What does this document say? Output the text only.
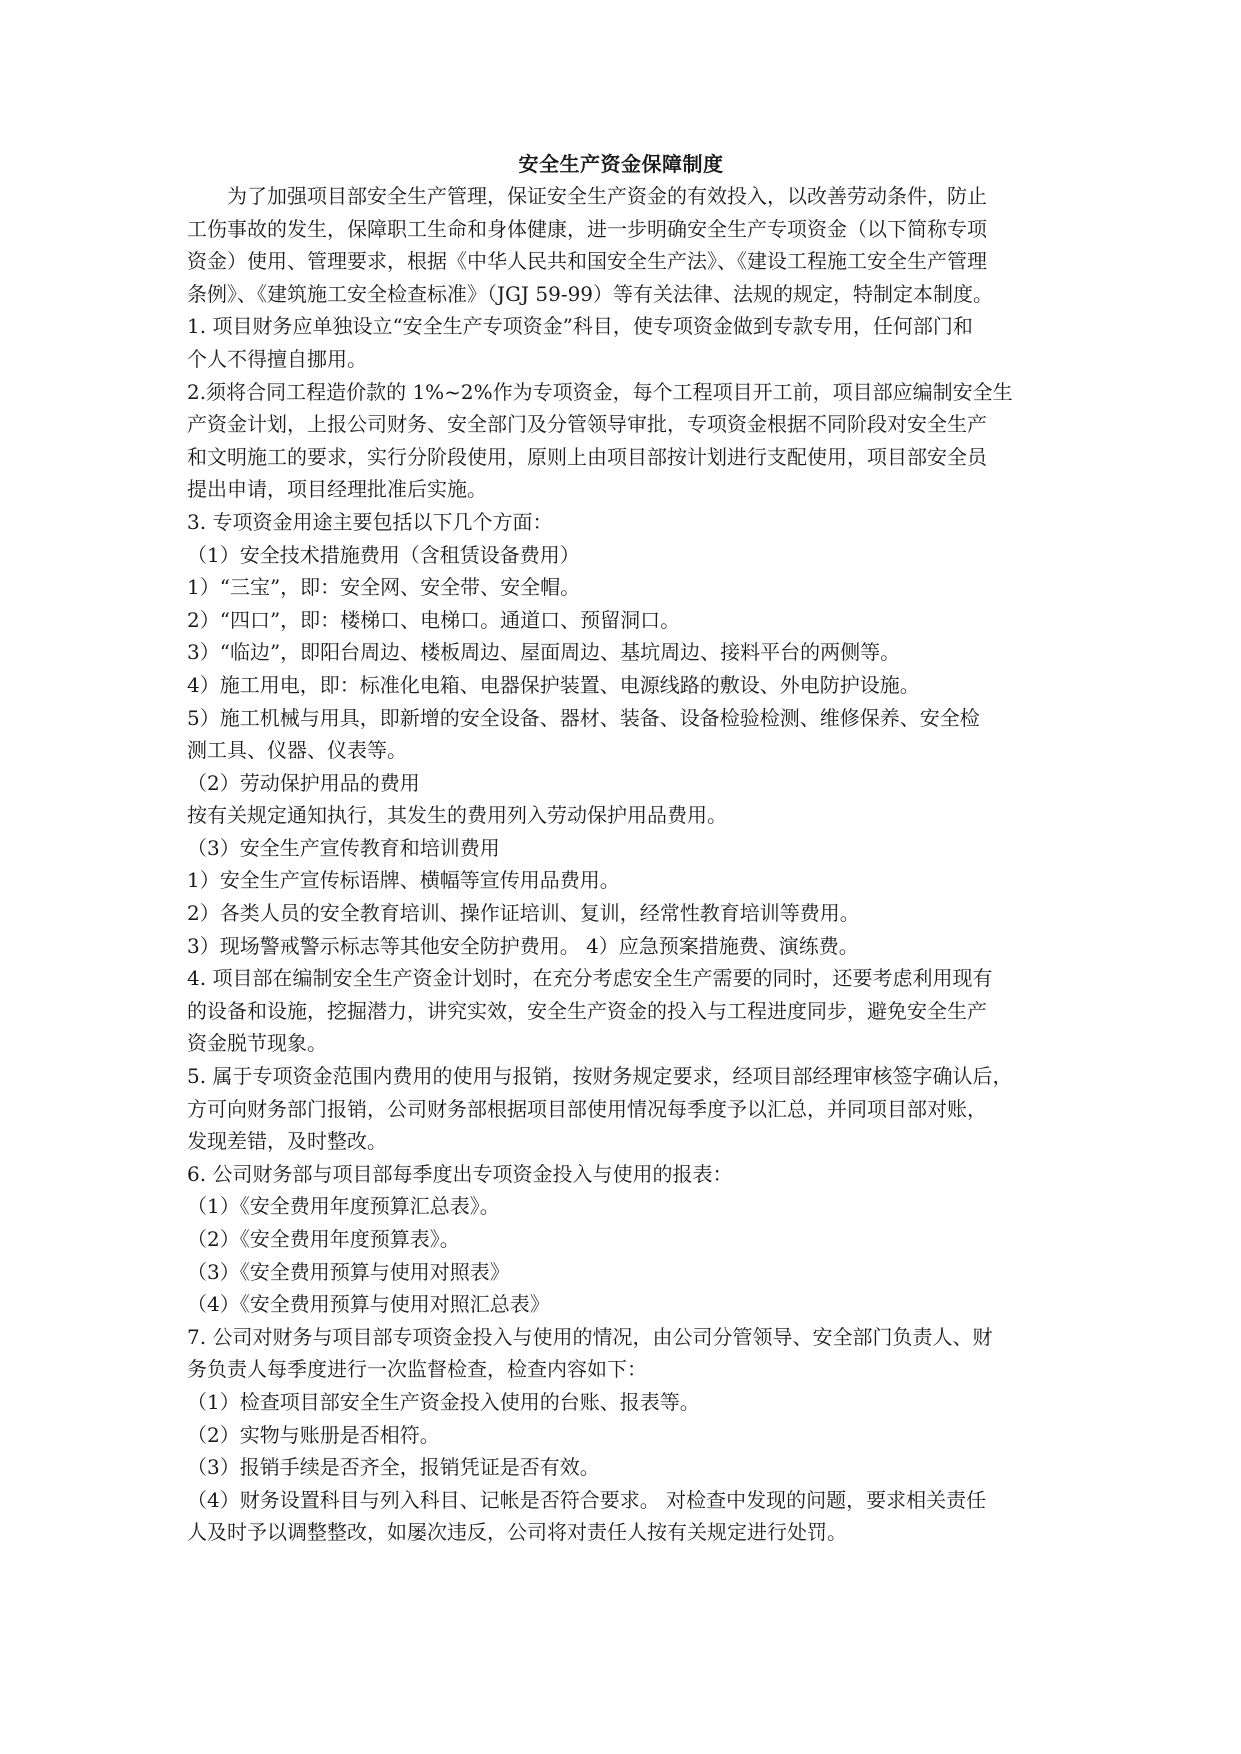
安全生产资金保障制度

为了加强项目部安全生产管理，保证安全生产资金的有效投入，以改善劳动条件，防止

工伤事故的发生，保障职工生命和身体健康，进一步明确安全生产专项资金（以下简称专项

资金）使用、管理要求，根据《中华人民共和国安全生产法》、《建设工程施工安全生产管理

条例》、《建筑施工安全检查标准》（JGJ 59-99）等有关法律、法规的规定，特制定本制度。

1. 项目财务应单独设立“安全生产专项资金”科目，使专项资金做到专款专用，任何部门和

个人不得擅自挪用。

2.须将合同工程造价款的 1%~2%作为专项资金，每个工程项目开工前，项目部应编制安全生

产资金计划，上报公司财务、安全部门及分管领导审批，专项资金根据不同阶段对安全生产

和文明施工的要求，实行分阶段使用，原则上由项目部按计划进行支配使用，项目部安全员

提出申请，项目经理批准后实施。

3. 专项资金用途主要包括以下几个方面：

（1）安全技术措施费用（含租赁设备费用）

1）“三宝”，即：安全网、安全带、安全帽。

2）“四口”，即：楼梯口、电梯口。通道口、预留洞口。

3）“临边”，即阳台周边、楼板周边、屋面周边、基坑周边、接料平台的两侧等。

4）施工用电，即：标准化电箱、电器保护装置、电源线路的敷设、外电防护设施。

5）施工机械与用具，即新增的安全设备、器材、装备、设备检验检测、维修保养、安全检

测工具、仪器、仪表等。

（2）劳动保护用品的费用

按有关规定通知执行，其发生的费用列入劳动保护用品费用。

（3）安全生产宣传教育和培训费用

1）安全生产宣传标语牌、横幅等宣传用品费用。

2）各类人员的安全教育培训、操作证培训、复训，经常性教育培训等费用。

3）现场警戒警示标志等其他安全防护费用。 4）应急预案措施费、演练费。

4. 项目部在编制安全生产资金计划时，在充分考虑安全生产需要的同时，还要考虑利用现有

的设备和设施，挖掘潜力，讲究实效，安全生产资金的投入与工程进度同步，避免安全生产

资金脱节现象。

5. 属于专项资金范围内费用的使用与报销，按财务规定要求，经项目部经理审核签字确认后，

方可向财务部门报销，公司财务部根据项目部使用情况每季度予以汇总，并同项目部对账，

发现差错，及时整改。

6. 公司财务部与项目部每季度出专项资金投入与使用的报表：

（1）《安全费用年度预算汇总表》。

（2）《安全费用年度预算表》。

（3）《安全费用预算与使用对照表》

（4）《安全费用预算与使用对照汇总表》

7. 公司对财务与项目部专项资金投入与使用的情况，由公司分管领导、安全部门负责人、财

务负责人每季度进行一次监督检查，检查内容如下：

（1）检查项目部安全生产资金投入使用的台账、报表等。

（2）实物与账册是否相符。

（3）报销手续是否齐全，报销凭证是否有效。

（4）财务设置科目与列入科目、记帐是否符合要求。 对检查中发现的问题，要求相关责任

人及时予以调整整改，如屡次违反，公司将对责任人按有关规定进行处罚。
